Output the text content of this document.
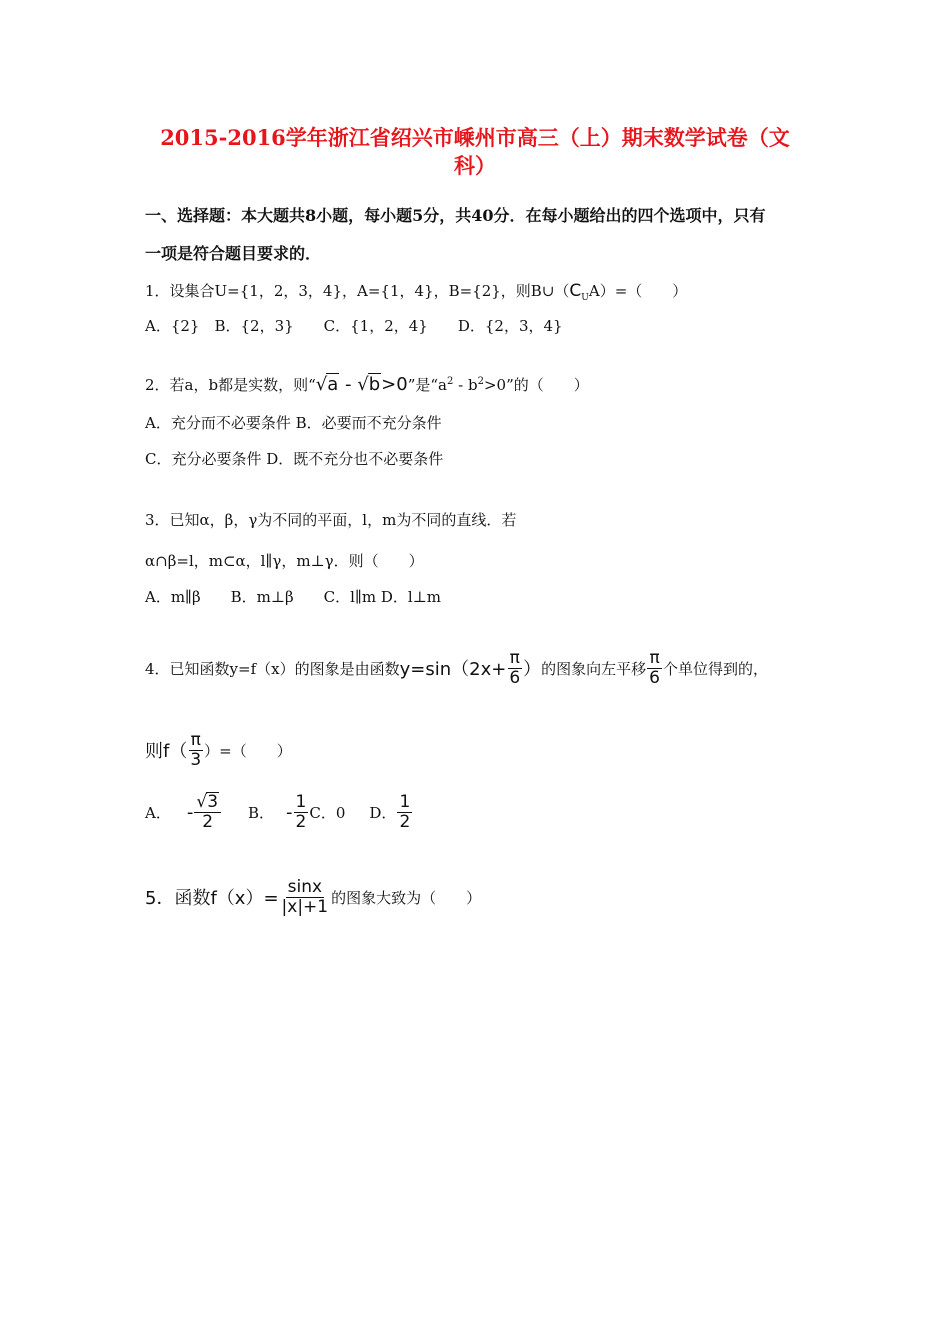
2015-2016学年浙江省绍兴市嵊州市高三（上）期末数学试卷（文
科）
一、选择题：本大题共8小题，每小题5分，共40分．在每小题给出的四个选项中，只有
一项是符合题目要求的．
1．设集合U={1，2，3，4}，A={1，4}，B={2}，则$B\cup(C_UA)=$（　　）
A．{2}　B．{2，3}　　C．{1，2，4}　　D．{2，3，4}
2．若a，b都是实数，则“√a - √b>0”是“$a^2 - b^2>0$”的（　　）
A．充分而不必要条件 B．必要而不充分条件
C．充分必要条件 D．既不充分也不必要条件
3．已知α，β，γ为不同的平面，l，m为不同的直线．若
α∩β=l，m⊂α，l∥γ，m⊥γ．则（　　）
A．m∥β　　B．m⊥β　　C．l∥m D．l⊥m
4．已知函数y=f（x）的图象是由函数 $y=\sin(2x+ \frac{\pi}{6}$ ） 的图象向左平移 $\frac{\pi}{6}$ 个单位得到的，
则$f( \frac{\pi}{3}$ ）=（　　）
A． - $\frac{√3}{2}$ B． - $\frac{1}{2}$ C．0 D． $\frac{1}{2}$
5．函数$f(x)= \frac{\sin x}{|x|+1}$ 的图象大致为（　　）
